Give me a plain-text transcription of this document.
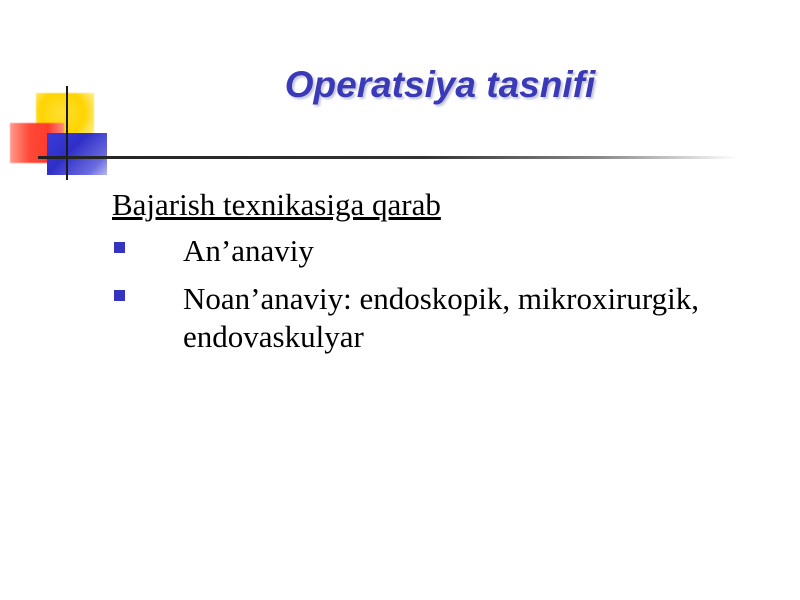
Operatsiya tasnifi

Bajarish texnikasiga qarab

An’anaviy
Noan’anaviy: endoskopik, mikroxirurgik, endovaskulyar
